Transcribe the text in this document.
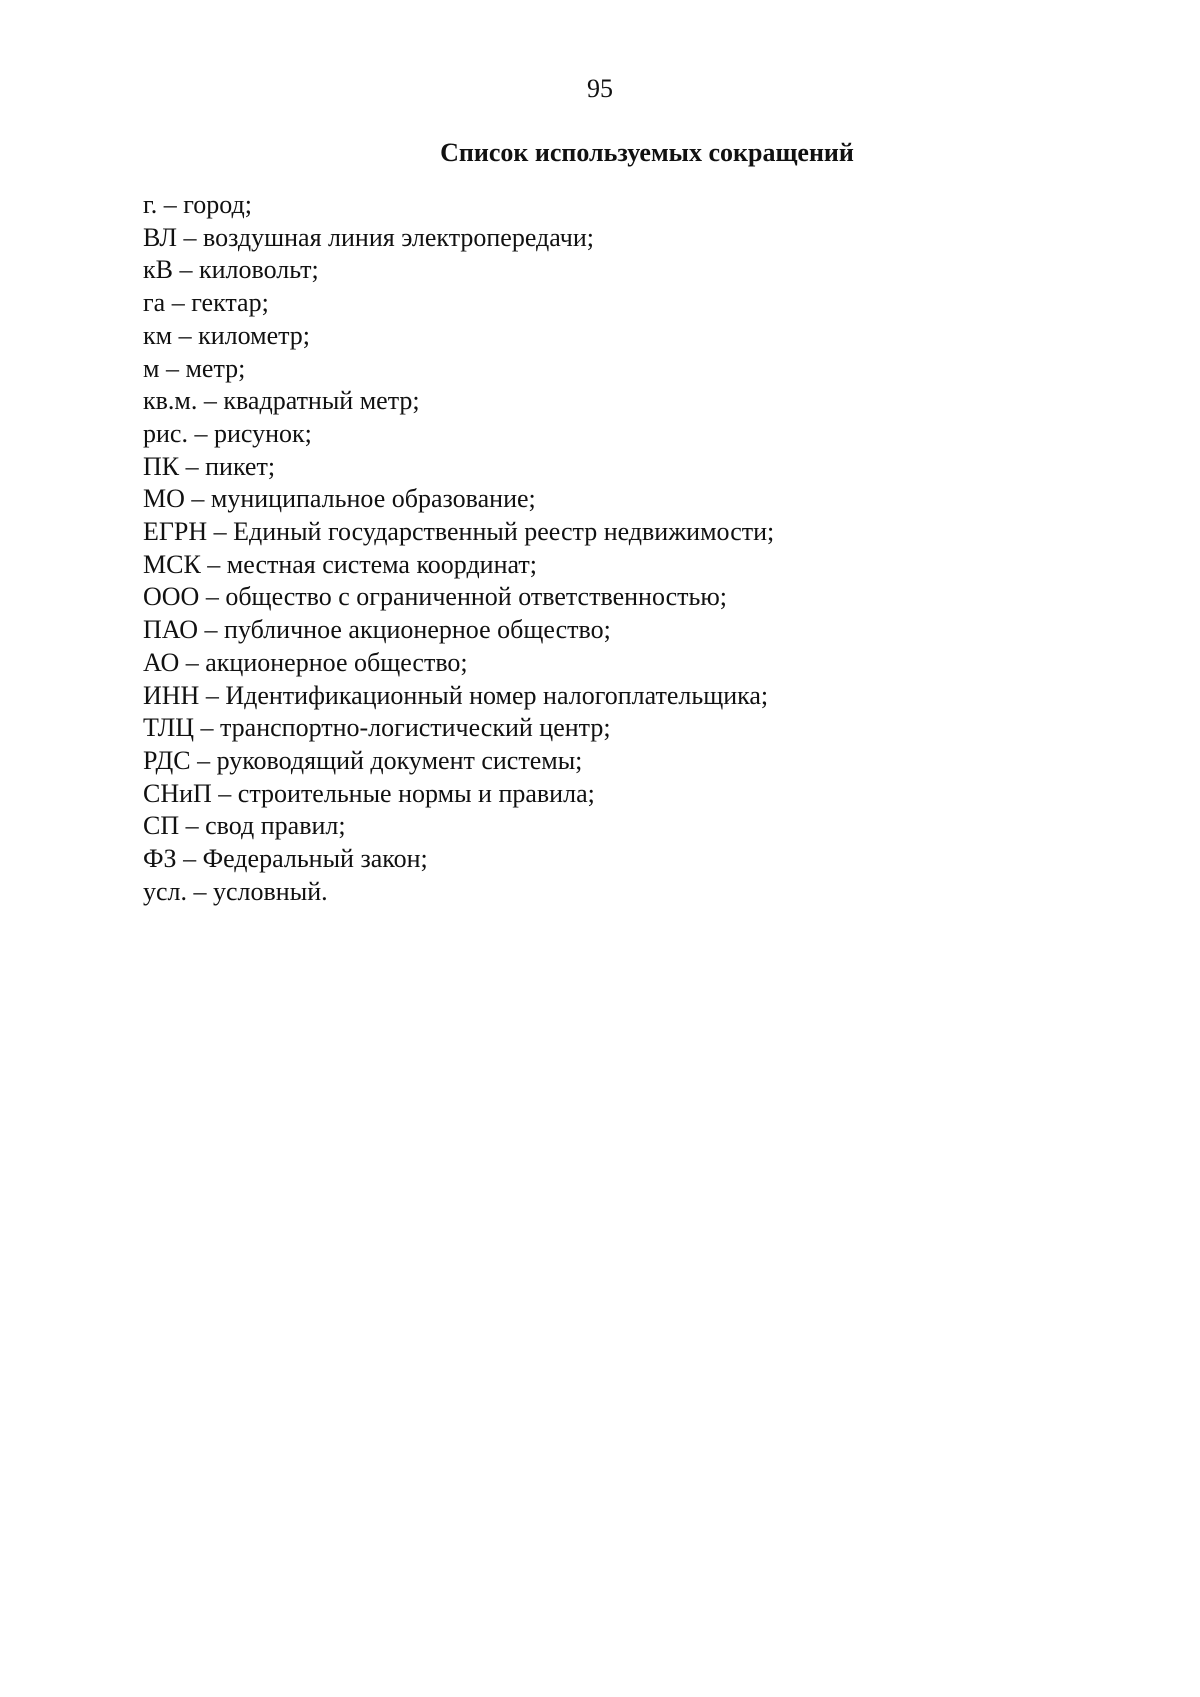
95
Список используемых сокращений
г. – город;
ВЛ – воздушная линия электропередачи;
кВ – киловольт;
га – гектар;
км – километр;
м – метр;
кв.м. – квадратный метр;
рис. – рисунок;
ПК – пикет;
МО – муниципальное образование;
ЕГРН – Единый государственный реестр недвижимости;
МСК – местная система координат;
ООО – общество с ограниченной ответственностью;
ПАО – публичное акционерное общество;
АО – акционерное общество;
ИНН – Идентификационный номер налогоплательщика;
ТЛЦ – транспортно-логистический центр;
РДС – руководящий документ системы;
СНиП – строительные нормы и правила;
СП – свод правил;
ФЗ – Федеральный закон;
усл. – условный.
